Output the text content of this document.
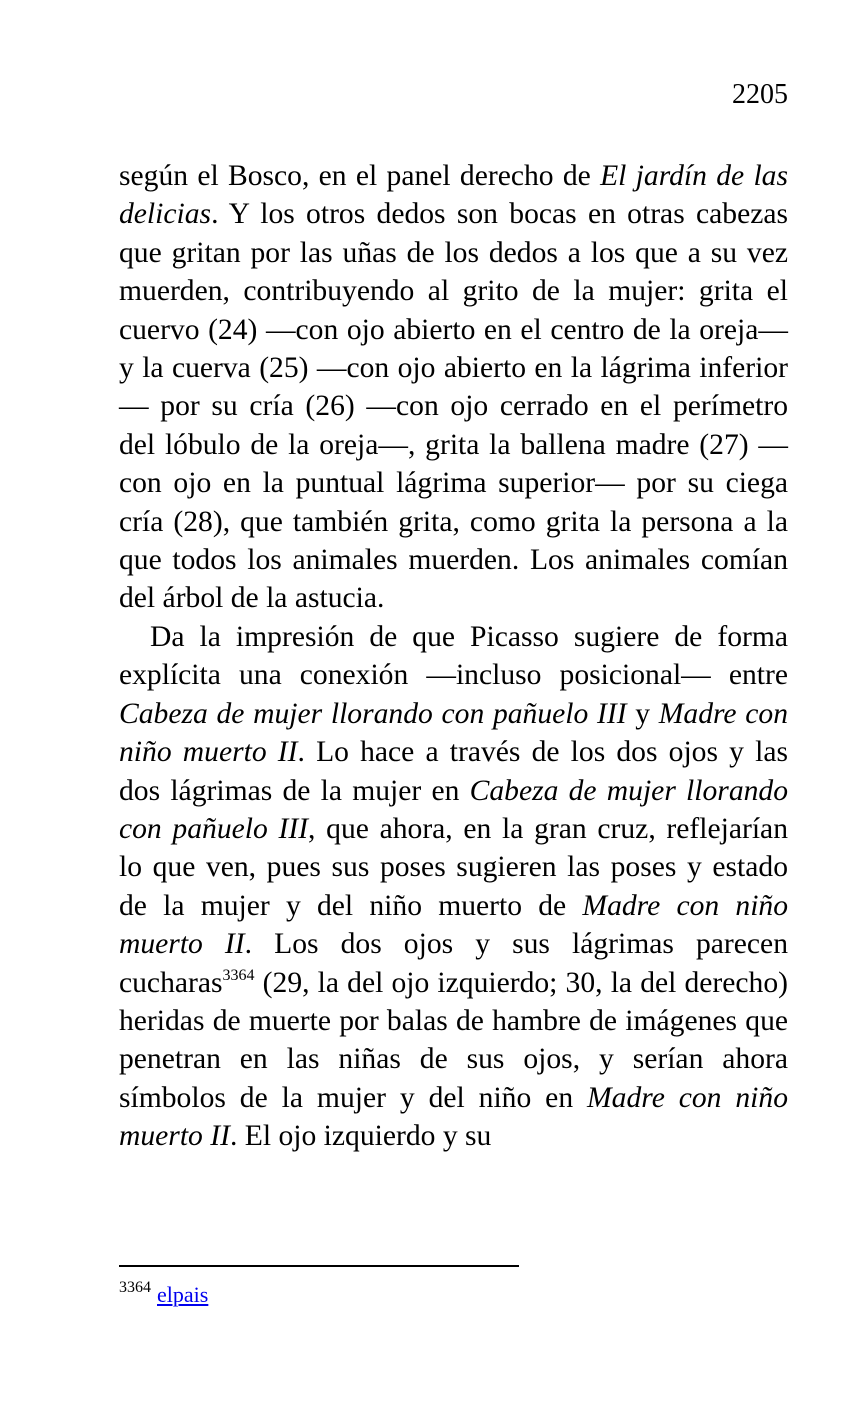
2205

según el Bosco, en el panel derecho de El jardín de las delicias. Y los otros dedos son bocas en otras cabezas que gritan por las uñas de los dedos a los que a su vez muerden, contribuyendo al grito de la mujer: grita el cuervo (24) —con ojo abierto en el centro de la oreja— y la cuerva (25) —con ojo abierto en la lágrima inferior— por su cría (26) —con ojo cerrado en el perímetro del lóbulo de la oreja—, grita la ballena madre (27) —con ojo en la puntual lágrima superior— por su ciega cría (28), que también grita, como grita la persona a la que todos los animales muerden. Los animales comían del árbol de la astucia.

Da la impresión de que Picasso sugiere de forma explícita una conexión —incluso posicional— entre Cabeza de mujer llorando con pañuelo III y Madre con niño muerto II. Lo hace a través de los dos ojos y las dos lágrimas de la mujer en Cabeza de mujer llorando con pañuelo III, que ahora, en la gran cruz, reflejarían lo que ven, pues sus poses sugieren las poses y estado de la mujer y del niño muerto de Madre con niño muerto II. Los dos ojos y sus lágrimas parecen cucharas$^{3364}$ (29, la del ojo izquierdo; 30, la del derecho) heridas de muerte por balas de hambre de imágenes que penetran en las niñas de sus ojos, y serían ahora símbolos de la mujer y del niño en Madre con niño muerto II. El ojo izquierdo y su

$^{3364}$ elpais
